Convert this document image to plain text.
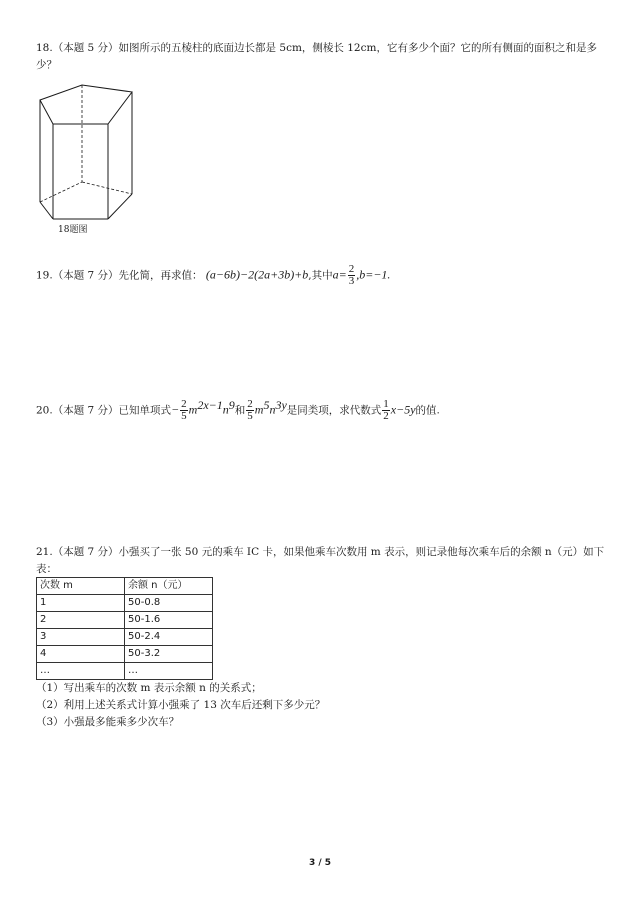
18.（本题 5 分）如图所示的五棱柱的底面边长都是 5cm，侧棱长 12cm，它有多少个面？它的所有侧面的面积之和是多少？
18题图
19.（本题 7 分）先化简，再求值： (a−6b)−2(2a+3b)+b,其中$a= \frac{2}{3} ,b=-1$.
20.（本题 7 分）已知单项式− $\frac{2}{5} m^{2x-1}n^9$和 $\frac{2}{5} m^5n^{3y}$是同类项，求代数式 $\frac{1}{2} x-5y$的值.
21.（本题 7 分）小强买了一张 50 元的乘车 IC 卡，如果他乘车次数用 m 表示，则记录他每次乘车后的余额 n（元）如下表：
次数 m	余额 n（元）
1	50-0.8
2	50-1.6
3	50-2.4
4	50-3.2
…	…
（1）写出乘车的次数 m 表示余额 n 的关系式；
（2）利用上述关系式计算小强乘了 13 次车后还剩下多少元？
（3）小强最多能乘多少次车？
3 / 5
